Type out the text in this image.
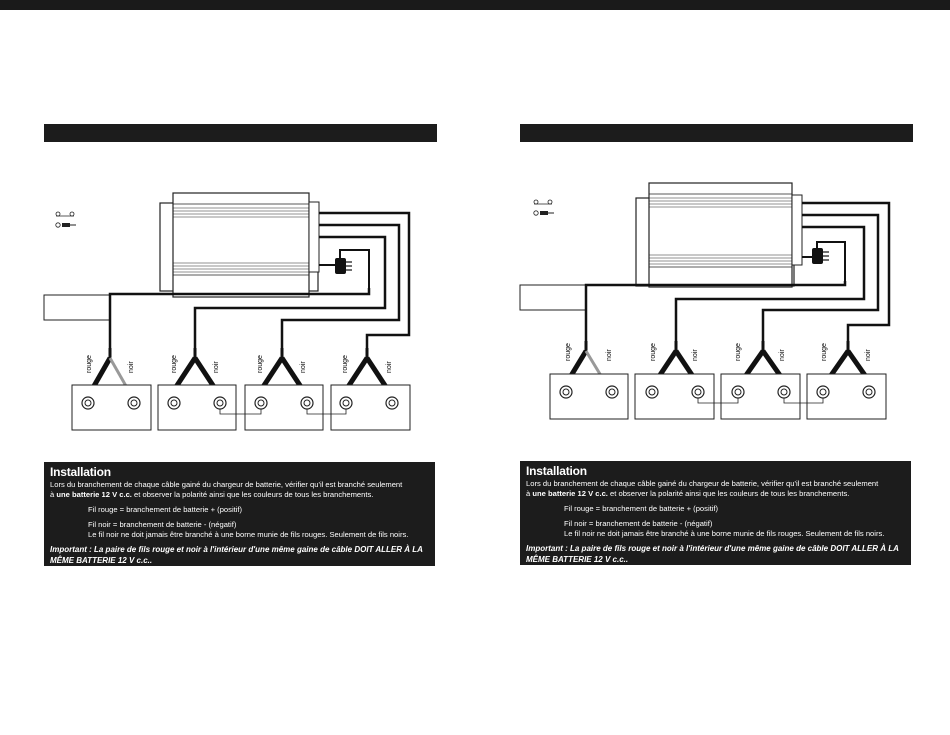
rouge	noir	rouge	noir	rouge	noir	rouge	noir
Installation
Lors du branchement de chaque câble gainé du chargeur de batterie, vérifier qu'il est branché seulement
à une batterie 12 V c.c. et observer la polarité ainsi que les couleurs de tous les branchements.
Fil rouge = branchement de batterie + (positif)
Fil noir = branchement de batterie - (négatif)
Le fil noir ne doit jamais être branché à une borne munie de fils rouges. Seulement de fils noirs.
Important : La paire de fils rouge et noir à l'intérieur d'une même gaine de câble DOIT ALLER À LA
MÊME BATTERIE 12 V c.c..
rouge	noir	rouge	noir	rouge	noir	rouge	noir
Installation
Lors du branchement de chaque câble gainé du chargeur de batterie, vérifier qu'il est branché seulement
à une batterie 12 V c.c. et observer la polarité ainsi que les couleurs de tous les branchements.
Fil rouge = branchement de batterie + (positif)
Fil noir = branchement de batterie - (négatif)
Le fil noir ne doit jamais être branché à une borne munie de fils rouges. Seulement de fils noirs.
Important : La paire de fils rouge et noir à l'intérieur d'une même gaine de câble DOIT ALLER À LA
MÊME BATTERIE 12 V c.c..
